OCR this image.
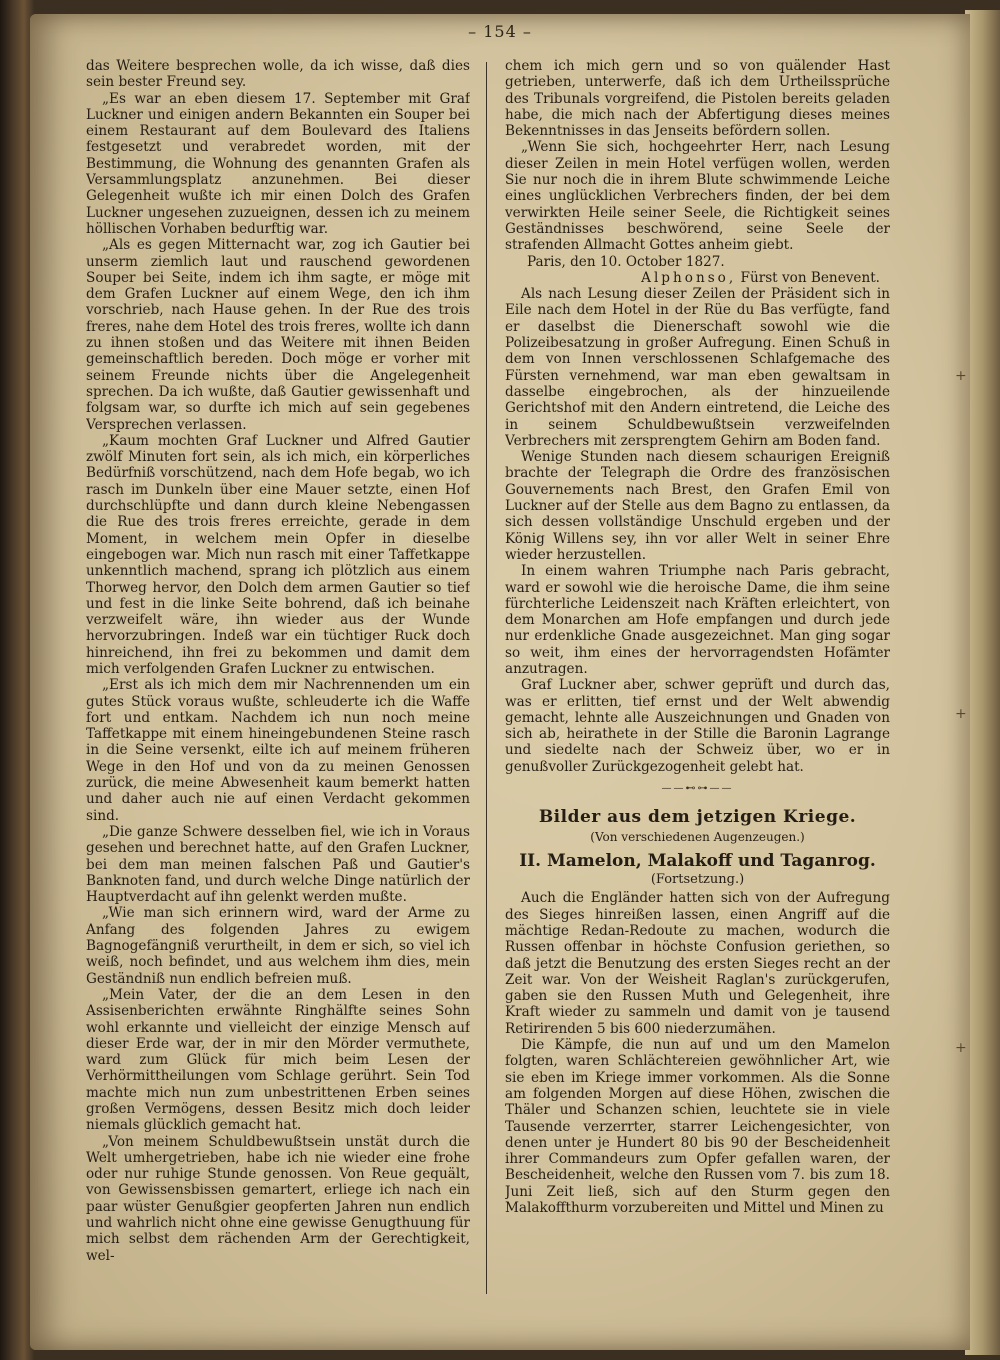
– 154 –

das Weitere besprechen wolle, da ich wisse, daß dies sein bester Freund sey.

„Es war an eben diesem 17. September mit Graf Luckner und einigen andern Bekannten ein Souper bei einem Restaurant auf dem Boulevard des Italiens festgesetzt und verabredet worden, mit der Bestimmung, die Wohnung des genannten Grafen als Versammlungsplatz anzunehmen. Bei dieser Gelegenheit wußte ich mir einen Dolch des Grafen Luckner ungesehen zuzueignen, dessen ich zu meinem höllischen Vorhaben bedurftig war.

„Als es gegen Mitternacht war, zog ich Gautier bei unserm ziemlich laut und rauschend gewordenen Souper bei Seite, indem ich ihm sagte, er möge mit dem Grafen Luckner auf einem Wege, den ich ihm vorschrieb, nach Hause gehen. In der Rue des trois freres, nahe dem Hotel des trois freres, wollte ich dann zu ihnen stoßen und das Weitere mit ihnen Beiden gemeinschaftlich bereden. Doch möge er vorher mit seinem Freunde nichts über die Angelegenheit sprechen. Da ich wußte, daß Gautier gewissenhaft und folgsam war, so durfte ich mich auf sein gegebenes Versprechen verlassen.

„Kaum mochten Graf Luckner und Alfred Gautier zwölf Minuten fort sein, als ich mich, ein körperliches Bedürfniß vorschützend, nach dem Hofe begab, wo ich rasch im Dunkeln über eine Mauer setzte, einen Hof durchschlüpfte und dann durch kleine Nebengassen die Rue des trois freres erreichte, gerade in dem Moment, in welchem mein Opfer in dieselbe eingebogen war. Mich nun rasch mit einer Taffetkappe unkenntlich machend, sprang ich plötzlich aus einem Thorweg hervor, den Dolch dem armen Gautier so tief und fest in die linke Seite bohrend, daß ich beinahe verzweifelt wäre, ihn wieder aus der Wunde hervorzubringen. Indeß war ein tüchtiger Ruck doch hinreichend, ihn frei zu bekommen und damit dem mich verfolgenden Grafen Luckner zu entwischen.

„Erst als ich mich dem mir Nachrennenden um ein gutes Stück voraus wußte, schleuderte ich die Waffe fort und entkam. Nachdem ich nun noch meine Taffetkappe mit einem hineingebundenen Steine rasch in die Seine versenkt, eilte ich auf meinem früheren Wege in den Hof und von da zu meinen Genossen zurück, die meine Abwesenheit kaum bemerkt hatten und daher auch nie auf einen Verdacht gekommen sind.

„Die ganze Schwere desselben fiel, wie ich in Voraus gesehen und berechnet hatte, auf den Grafen Luckner, bei dem man meinen falschen Paß und Gautier's Banknoten fand, und durch welche Dinge natürlich der Hauptverdacht auf ihn gelenkt werden mußte.

„Wie man sich erinnern wird, ward der Arme zu Anfang des folgenden Jahres zu ewigem Bagnogefängniß verurtheilt, in dem er sich, so viel ich weiß, noch befindet, und aus welchem ihm dies, mein Geständniß nun endlich befreien muß.

„Mein Vater, der die an dem Lesen in den Assisenberichten erwähnte Ringhälfte seines Sohn wohl erkannte und vielleicht der einzige Mensch auf dieser Erde war, der in mir den Mörder vermuthete, ward zum Glück für mich beim Lesen der Verhörmittheilungen vom Schlage gerührt. Sein Tod machte mich nun zum unbestrittenen Erben seines großen Vermögens, dessen Besitz mich doch leider niemals glücklich gemacht hat.

„Von meinem Schuldbewußtsein unstät durch die Welt umhergetrieben, habe ich nie wieder eine frohe oder nur ruhige Stunde genossen. Von Reue gequält, von Gewissensbissen gemartert, erliege ich nach ein paar wüster Genußgier geopferten Jahren nun endlich und wahrlich nicht ohne eine gewisse Genugthuung für mich selbst dem rächenden Arm der Gerechtigkeit, wel-

chem ich mich gern und so von quälender Hast getrieben, unterwerfe, daß ich dem Urtheilssprüche des Tribunals vorgreifend, die Pistolen bereits geladen habe, die mich nach der Abfertigung dieses meines Bekenntnisses in das Jenseits befördern sollen.

„Wenn Sie sich, hochgeehrter Herr, nach Lesung dieser Zeilen in mein Hotel verfügen wollen, werden Sie nur noch die in ihrem Blute schwimmende Leiche eines unglücklichen Verbrechers finden, der bei dem verwirkten Heile seiner Seele, die Richtigkeit seines Geständnisses beschwörend, seine Seele der strafenden Allmacht Gottes anheim giebt.

Paris, den 10. October 1827.

Alphonso, Fürst von Benevent.

Als nach Lesung dieser Zeilen der Präsident sich in Eile nach dem Hotel in der Rüe du Bas verfügte, fand er daselbst die Dienerschaft sowohl wie die Polizeibesatzung in großer Aufregung. Einen Schuß in dem von Innen verschlossenen Schlafgemache des Fürsten vernehmend, war man eben gewaltsam in dasselbe eingebrochen, als der hinzueilende Gerichtshof mit den Andern eintretend, die Leiche des in seinem Schuldbewußtsein verzweifelnden Verbrechers mit zersprengtem Gehirn am Boden fand.

Wenige Stunden nach diesem schaurigen Ereigniß brachte der Telegraph die Ordre des französischen Gouvernements nach Brest, den Grafen Emil von Luckner auf der Stelle aus dem Bagno zu entlassen, da sich dessen vollständige Unschuld ergeben und der König Willens sey, ihn vor aller Welt in seiner Ehre wieder herzustellen.

In einem wahren Triumphe nach Paris gebracht, ward er sowohl wie die heroische Dame, die ihm seine fürchterliche Leidenszeit nach Kräften erleichtert, von dem Monarchen am Hofe empfangen und durch jede nur erdenkliche Gnade ausgezeichnet. Man ging sogar so weit, ihm eines der hervorragendsten Hofämter anzutragen.

Graf Luckner aber, schwer geprüft und durch das, was er erlitten, tief ernst und der Welt abwendig gemacht, lehnte alle Auszeichnungen und Gnaden von sich ab, heirathete in der Stille die Baronin Lagrange und siedelte nach der Schweiz über, wo er in genußvoller Zurückgezogenheit gelebt hat.

——⊷⊶——
Bilder aus dem jetzigen Kriege.
(Von verschiedenen Augenzeugen.)
II. Mamelon, Malakoff und Taganrog.
(Fortsetzung.)

Auch die Engländer hatten sich von der Aufregung des Sieges hinreißen lassen, einen Angriff auf die mächtige Redan-Redoute zu machen, wodurch die Russen offenbar in höchste Confusion geriethen, so daß jetzt die Benutzung des ersten Sieges recht an der Zeit war. Von der Weisheit Raglan's zurückgerufen, gaben sie den Russen Muth und Gelegenheit, ihre Kraft wieder zu sammeln und damit von je tausend Retirirenden 5 bis 600 niederzumähen.

Die Kämpfe, die nun auf und um den Mamelon folgten, waren Schlächtereien gewöhnlicher Art, wie sie eben im Kriege immer vorkommen. Als die Sonne am folgenden Morgen auf diese Höhen, zwischen die Thäler und Schanzen schien, leuchtete sie in viele Tausende verzerrter, starrer Leichengesichter, von denen unter je Hundert 80 bis 90 der Bescheidenheit ihrer Commandeurs zum Opfer gefallen waren, der Bescheidenheit, welche den Russen vom 7. bis zum 18. Juni Zeit ließ, sich auf den Sturm gegen den Malakoffthurm vorzubereiten und Mittel und Minen zu

+
+
+
